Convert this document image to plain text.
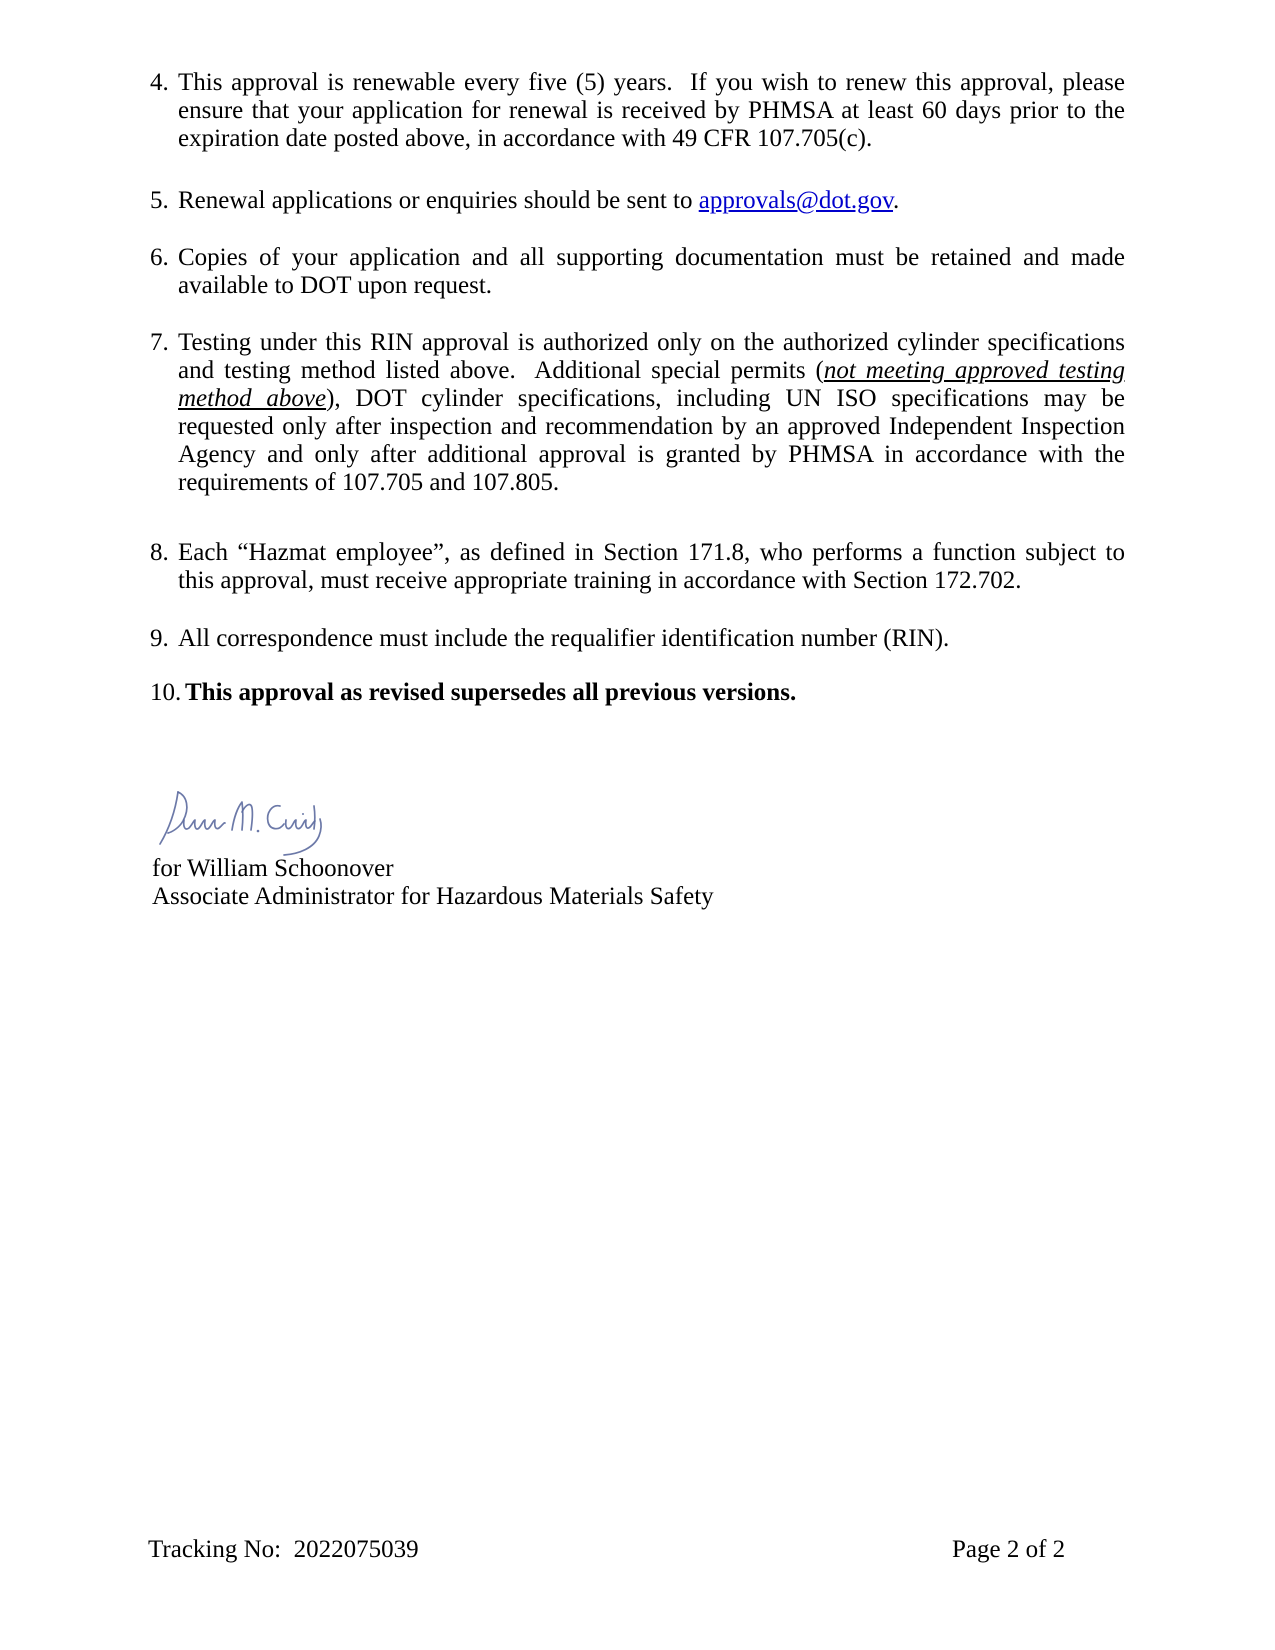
4. This approval is renewable every five (5) years.  If you wish to renew this approval, please ensure that your application for renewal is received by PHMSA at least 60 days prior to the expiration date posted above, in accordance with 49 CFR 107.705(c).
5. Renewal applications or enquiries should be sent to approvals@dot.gov.
6. Copies of your application and all supporting documentation must be retained and made available to DOT upon request.
7. Testing under this RIN approval is authorized only on the authorized cylinder specifications and testing method listed above.  Additional special permits (not meeting approved testing method above), DOT cylinder specifications, including UN ISO specifications may be requested only after inspection and recommendation by an approved Independent Inspection Agency and only after additional approval is granted by PHMSA in accordance with the requirements of 107.705 and 107.805.
8. Each “Hazmat employee”, as defined in Section 171.8, who performs a function subject to this approval, must receive appropriate training in accordance with Section 172.702.
9. All correspondence must include the requalifier identification number (RIN).
10. This approval as revised supersedes all previous versions.
for William Schoonover
Associate Administrator for Hazardous Materials Safety
Tracking No:  2022075039	Page 2 of 2
